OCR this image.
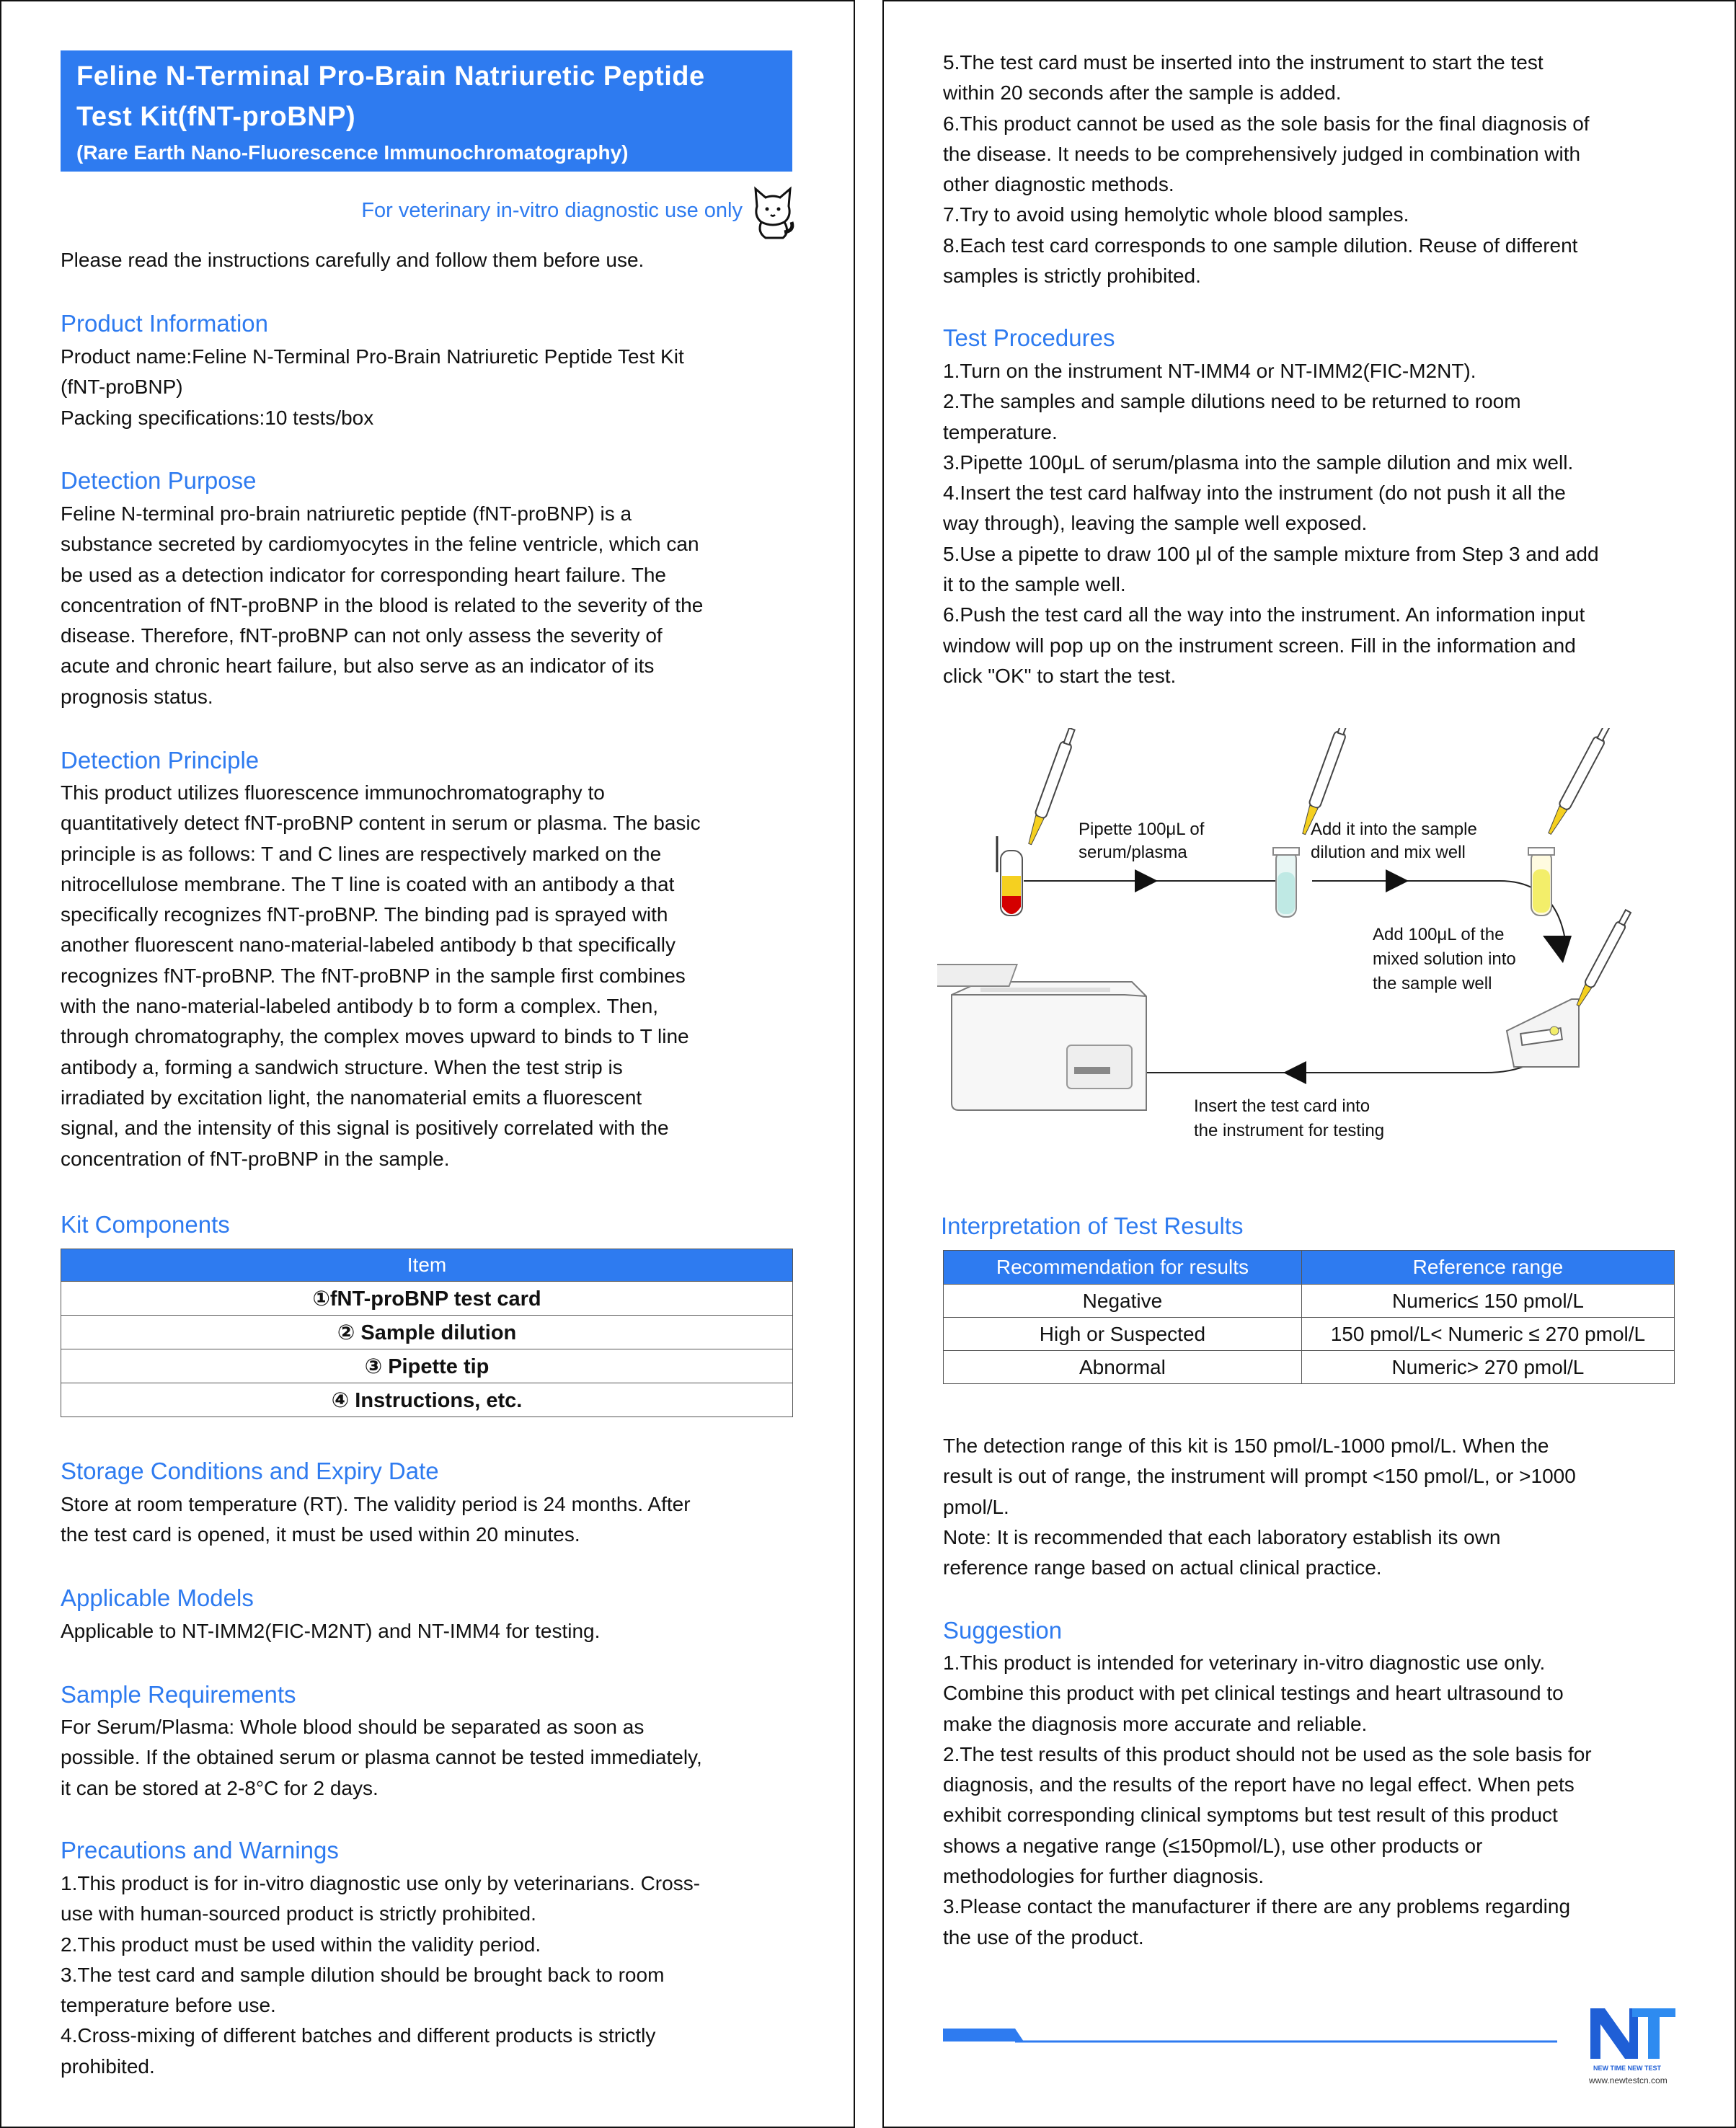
Feline N-Terminal Pro-Brain Natriuretic Peptide
Test Kit(fNT-proBNP)
(Rare Earth Nano-Fluorescence Immunochromatography)
For veterinary in-vitro diagnostic use only
Please read the instructions carefully and follow them before use.
Product Information

Product name:Feline N-Terminal Pro-Brain Natriuretic Peptide Test Kit

(fNT-proBNP)

Packing specifications:10 tests/box

Detection Purpose

Feline N-terminal pro-brain natriuretic peptide (fNT-proBNP) is a

substance secreted by cardiomyocytes in the feline ventricle, which can

be used as a detection indicator for corresponding heart failure. The

concentration of fNT-proBNP in the blood is related to the severity of the

disease. Therefore, fNT-proBNP can not only assess the severity of

acute and chronic heart failure, but also serve as an indicator of its

prognosis status.

Detection Principle

This product utilizes fluorescence immunochromatography to

quantitatively detect fNT-proBNP content in serum or plasma. The basic

principle is as follows: T and C lines are respectively marked on the

nitrocellulose membrane. The T line is coated with an antibody a that

specifically recognizes fNT-proBNP. The binding pad is sprayed with

another fluorescent nano-material-labeled antibody b that specifically

recognizes fNT-proBNP. The fNT-proBNP in the sample first combines

with the nano-material-labeled antibody b to form a complex. Then,

through chromatography, the complex moves upward to binds to T line

antibody a, forming a sandwich structure. When the test strip is

irradiated by excitation light, the nanomaterial emits a fluorescent

signal, and the intensity of this signal is positively correlated with the

concentration of fNT-proBNP in the sample.

Kit Components
Item
①fNT-proBNP test card
② Sample dilution
③ Pipette tip
④ Instructions, etc.
Storage Conditions and Expiry Date

Store at room temperature (RT). The validity period is 24 months. After

the test card is opened, it must be used within 20 minutes.

Applicable Models

Applicable to NT-IMM2(FIC-M2NT) and NT-IMM4 for testing.

Sample Requirements

For Serum/Plasma: Whole blood should be separated as soon as

possible. If the obtained serum or plasma cannot be tested immediately,

it can be stored at 2-8°C for 2 days.

Precautions and Warnings

1.This product is for in-vitro diagnostic use only by veterinarians. Cross-

use with human-sourced product is strictly prohibited.

2.This product must be used within the validity period.

3.The test card and sample dilution should be brought back to room

temperature before use.

4.Cross-mixing of different batches and different products is strictly

prohibited.

5.The test card must be inserted into the instrument to start the test

within 20 seconds after the sample is added.

6.This product cannot be used as the sole basis for the final diagnosis of

the disease. It needs to be comprehensively judged in combination with

other diagnostic methods.

7.Try to avoid using hemolytic whole blood samples.

8.Each test card corresponds to one sample dilution. Reuse of different

samples is strictly prohibited.

Test Procedures

1.Turn on the instrument NT-IMM4 or NT-IMM2(FIC-M2NT).

2.The samples and sample dilutions need to be returned to room

temperature.

3.Pipette 100μL of serum/plasma into the sample dilution and mix well.

4.Insert the test card halfway into the instrument (do not push it all the

way through), leaving the sample well exposed.

5.Use a pipette to draw 100 μl of the sample mixture from Step 3 and add

it to the sample well.

6.Push the test card all the way into the instrument. An information input

window will pop up on the instrument screen. Fill in the information and

click "OK" to start the test.

Pipette 100μL of
serum/plasma
Add it into the sample
dilution and mix well
Add 100μL of the
mixed solution into
the sample well
Insert the test card into
the instrument for testing
Interpretation of Test Results
Recommendation for results	Reference range
Negative	Numeric≤ 150 pmol/L
High or Suspected	150 pmol/L< Numeric ≤ 270 pmol/L
Abnormal	Numeric> 270 pmol/L

The detection range of this kit is 150 pmol/L-1000 pmol/L. When the

result is out of range, the instrument will prompt <150 pmol/L, or >1000

pmol/L.

Note: It is recommended that each laboratory establish its own

reference range based on actual clinical practice.

Suggestion

1.This product is intended for veterinary in-vitro diagnostic use only.

Combine this product with pet clinical testings and heart ultrasound to

make the diagnosis more accurate and reliable.

2.The test results of this product should not be used as the sole basis for

diagnosis, and the results of the report have no legal effect. When pets

exhibit corresponding clinical symptoms but test result of this product

shows a negative range (≤150pmol/L), use other products or

methodologies for further diagnosis.

3.Please contact the manufacturer if there are any problems regarding

the use of the product.

NEW TIME NEW TEST
www.newtestcn.com
